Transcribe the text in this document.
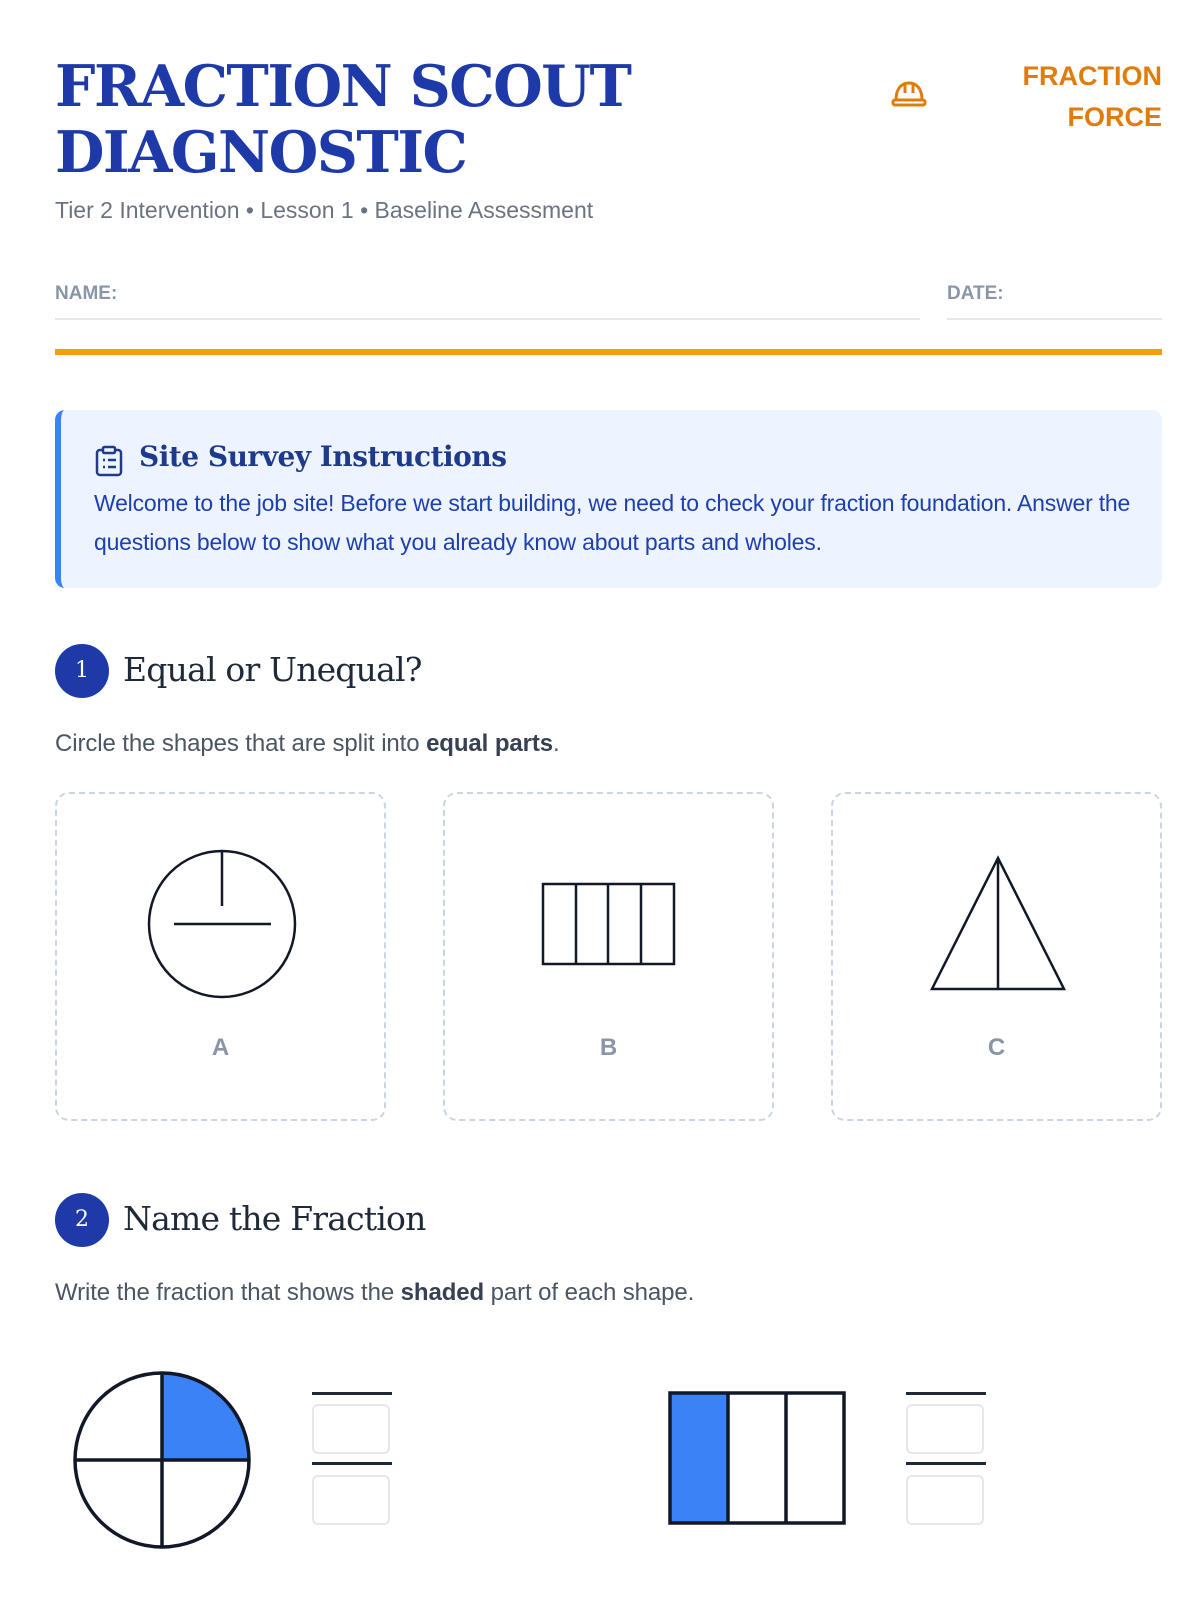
FRACTION SCOUT
DIAGNOSTIC

Tier 2 Intervention • Lesson 1 • Baseline Assessment

FRACTION
FORCE
NAME:	DATE:
Site Survey Instructions
Welcome to the job site! Before we start building, we need to check your fraction foundation. Answer the questions below to show what you already know about parts and wholes.
1	Equal or Unequal?
Circle the shapes that are split into equal parts.
A	B	C
2	Name the Fraction
Write the fraction that shows the shaded part of each shape.
